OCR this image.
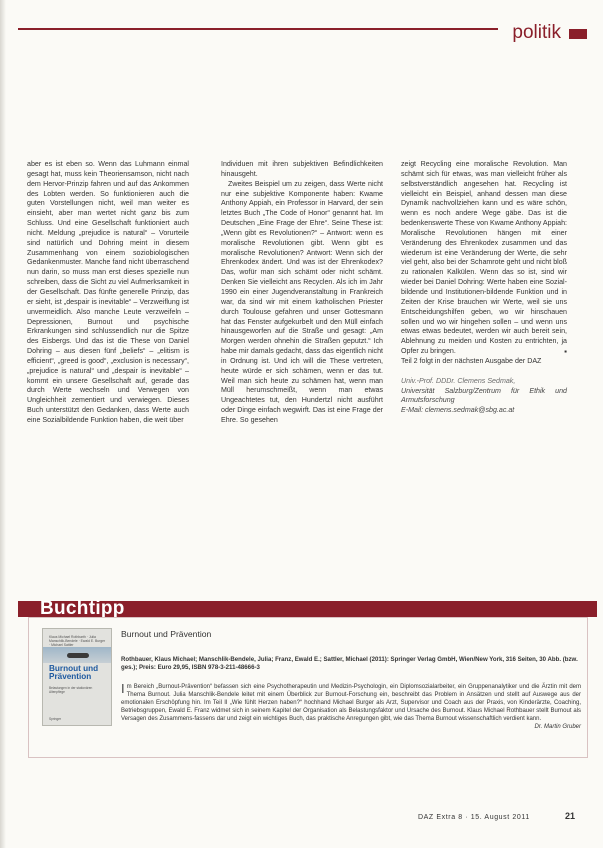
politik

aber es ist eben so. Wenn das Luhmann einmal gesagt hat, muss kein Theoriensamson, nicht nach dem Hervor-Prinzip fahren und auf das Ankommen des Lobten werden. So funktionieren auch die guten Vorstellungen nicht, weil man weiter es einsieht, aber man wertet nicht ganz bis zum Schluss. Und eine Gesellschaft funktioniert auch nicht. Meldung „prejudice is natural“ – Vorurteile sind natürlich und Dohring meint in diesem Zusammenhang von einem soziobiologischen Gedankenmuster. Manche fand nicht überraschend nun darin, so muss man erst dieses spezielle nun schreiben, dass die Sicht zu viel Aufmerksamkeit in der Gesellschaft. Das fünfte generelle Prinzip, das er sieht, ist „despair is inevitable“ – Verzweiflung ist unvermeidlich. Also manche Leute verzweifeln – Depressionen, Burnout und psychische Erkrankungen sind schlussendlich nur die Spitze des Eisbergs. Und das ist die These von Daniel Dohring – aus diesen fünf „beliefs“ – „elitism is efficient“, „greed is good“, „exclusion is necessary“, „prejudice is natural“ und „despair is inevitable“ – kommt ein unsere Gesellschaft auf, gerade das durch Werte wechseln und Verwegen von Ungleichheit zementiert und verwiegen. Dieses Buch unterstützt den Gedanken, dass Werte auch eine Sozialbildende Funktion haben, die weit über

Individuen mit ihren subjektiven Befindlichkeiten hinausgeht.

Zweites Beispiel um zu zeigen, dass Werte nicht nur eine subjektive Komponente haben: Kwame Anthony Appiah, ein Professor in Harvard, der sein letztes Buch „The Code of Honor“ genannt hat. Im Deutschen „Eine Frage der Ehre“. Seine These ist: „Wenn gibt es Revolutionen?“ – Antwort: wenn es moralische Revolutionen gibt. Wenn gibt es moralische Revolutionen? Antwort: Wenn sich der Ehrenkodex ändert. Und was ist der Ehrenkodex? Das, wofür man sich schämt oder nicht schämt. Denken Sie vielleicht ans Recyclen. Als ich im Jahr 1990 ein einer Jugendveranstaltung in Frankreich war, da sind wir mit einem katholischen Priester durch Toulouse gefahren und unser Gottesmann hat das Fenster aufgekurbelt und den Müll einfach hinausgeworfen auf die Straße und gesagt: „Am Morgen werden ohnehin die Straßen geputzt.“ Ich habe mir damals gedacht, dass das eigentlich nicht in Ordnung ist. Und ich will die These vertreten, heute würde er sich schämen, wenn er das tut. Weil man sich heute zu schämen hat, wenn man Müll herumschmeißt, wenn man etwas Ungeachtetes tut, den Hundertzl nicht ausführt oder Dinge einfach wegwirft. Das ist eine Frage der Ehre. So gesehen

zeigt Recycling eine moralische Revolution. Man schämt sich für etwas, was man vielleicht früher als selbstverständlich angesehen hat. Recycling ist vielleicht ein Beispiel, anhand dessen man diese Dynamik nachvollziehen kann und es wäre schön, wenn es noch andere Wege gäbe. Das ist die bedenkenswerte These von Kwame Anthony Appiah: Moralische Revolutionen hängen mit einer Veränderung des Ehrenkodex zusammen und das wiederum ist eine Veränderung der Werte, die sehr viel geht, also bei der Schamrote geht und nicht bloß zu rationalen Kalkülen. Wenn das so ist, sind wir wieder bei Daniel Dohring: Werte haben eine Sozial-bildende und Institutionen-bildende Funktion und in Zeiten der Krise brauchen wir Werte, weil sie uns Entscheidungshilfen geben, wo wir hinschauen sollen und wo wir hingehen sollen – und wenn uns etwas etwas bedeutet, werden wir auch bereit sein, Ablehnung zu meiden und Kosten zu entrichten, ja Opfer zu bringen.	▪

Teil 2 folgt in der nächsten Ausgabe der DAZ

Univ.-Prof. DDDr. Clemens Sedmak,
Universität Salzburg/Zentrum für Ethik und Armutsforschung
E-Mail: clemens.sedmak@sbg.ac.at
Buchtipp
Klaus Michael Rothbarth · Julia Manschlik-Bendele · Ewald E. Burger · Michael Sattler
Burnout und Prävention
Belastungen in der stationären Altenpflege
Springer
Burnout und Prävention
Rothbauer, Klaus Michael; Manschlik-Bendele, Julia; Franz, Ewald E.; Sattler, Michael (2011): Springer Verlag GmbH, Wien/New York, 316 Seiten, 30 Abb. (bzw. ges.); Preis: Euro 29,95, ISBN 978-3-211-48666-3
I m Bereich „Burnout-Prävention“ befassen sich eine Psychotherapeutin und Medizin-Psychologin, ein Diplomsozialarbeiter, ein Gruppenanalytiker und die Ärztin mit dem Thema Burnout. Julia Manschlik-Bendele leitet mit einem Überblick zur Burnout-Forschung ein, beschreibt das Problem in Ansätzen und stellt auf Auswege aus der emotionalen Erschöpfung hin. Im Teil II „Wie fühlt Herzen haben?“ hochhand Michael Burger als Arzt, Supervisor und Coach aus der Praxis, von Kinderärzte, Coaching, Betriebsgruppen, Ewald E. Franz widmet sich in seinem Kapitel der Organisation als Belastungsfaktor und Ursache des Burnout. Klaus Michael Rothbauer stellt Burnout als Versagen des Zusammens-fassens dar und zeigt ein wichtiges Buch, das praktische Anregungen gibt, wie das Thema Burnout wissenschaftlich verdient kann.
Dr. Martin Gruber
DAZ Extra 8 · 15. August 2011	21
